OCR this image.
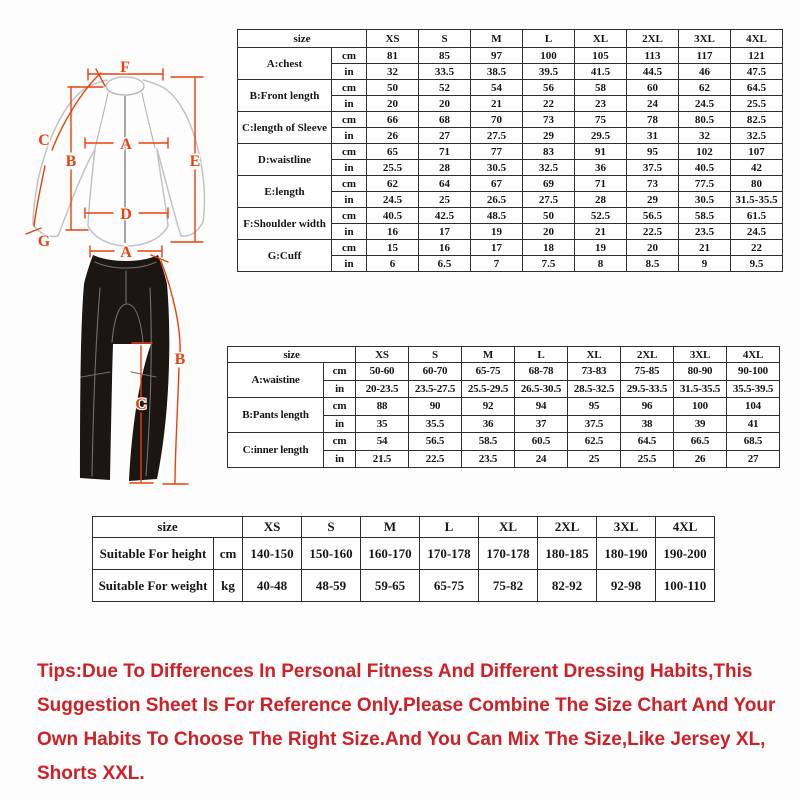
F
C
B
A
E
D
G
A
B
C
size		XS	S	M	L	XL	2XL	3XL	4XL
A:chest	cm	81	85	97	100	105	113	117	121
	in	32	33.5	38.5	39.5	41.5	44.5	46	47.5
B:Front length	cm	50	52	54	56	58	60	62	64.5
	in	20	20	21	22	23	24	24.5	25.5
C:length of Sleeve	cm	66	68	70	73	75	78	80.5	82.5
	in	26	27	27.5	29	29.5	31	32	32.5
D:waistline	cm	65	71	77	83	91	95	102	107
	in	25.5	28	30.5	32.5	36	37.5	40.5	42
E:length	cm	62	64	67	69	71	73	77.5	80
	in	24.5	25	26.5	27.5	28	29	30.5	31.5-35.5
F:Shoulder width	cm	40.5	42.5	48.5	50	52.5	56.5	58.5	61.5
	in	16	17	19	20	21	22.5	23.5	24.5
G:Cuff	cm	15	16	17	18	19	20	21	22
	in	6	6.5	7	7.5	8	8.5	9	9.5
size		XS	S	M	L	XL	2XL	3XL	4XL
A:waistine	cm	50-60	60-70	65-75	68-78	73-83	75-85	80-90	90-100
	in	20-23.5	23.5-27.5	25.5-29.5	26.5-30.5	28.5-32.5	29.5-33.5	31.5-35.5	35.5-39.5
B:Pants length	cm	88	90	92	94	95	96	100	104
	in	35	35.5	36	37	37.5	38	39	41
C:inner length	cm	54	56.5	58.5	60.5	62.5	64.5	66.5	68.5
	in	21.5	22.5	23.5	24	25	25.5	26	27
size		XS	S	M	L	XL	2XL	3XL	4XL
Suitable For height	cm	140-150	150-160	160-170	170-178	170-178	180-185	180-190	190-200
Suitable For weight	kg	40-48	48-59	59-65	65-75	75-82	82-92	92-98	100-110
Tips:Due To Differences In Personal Fitness And Different Dressing Habits,This
Suggestion Sheet Is For Reference Only.Please Combine The Size Chart And Your
Own Habits To Choose The Right Size.And You Can Mix The Size,Like Jersey XL,
Shorts XXL.
